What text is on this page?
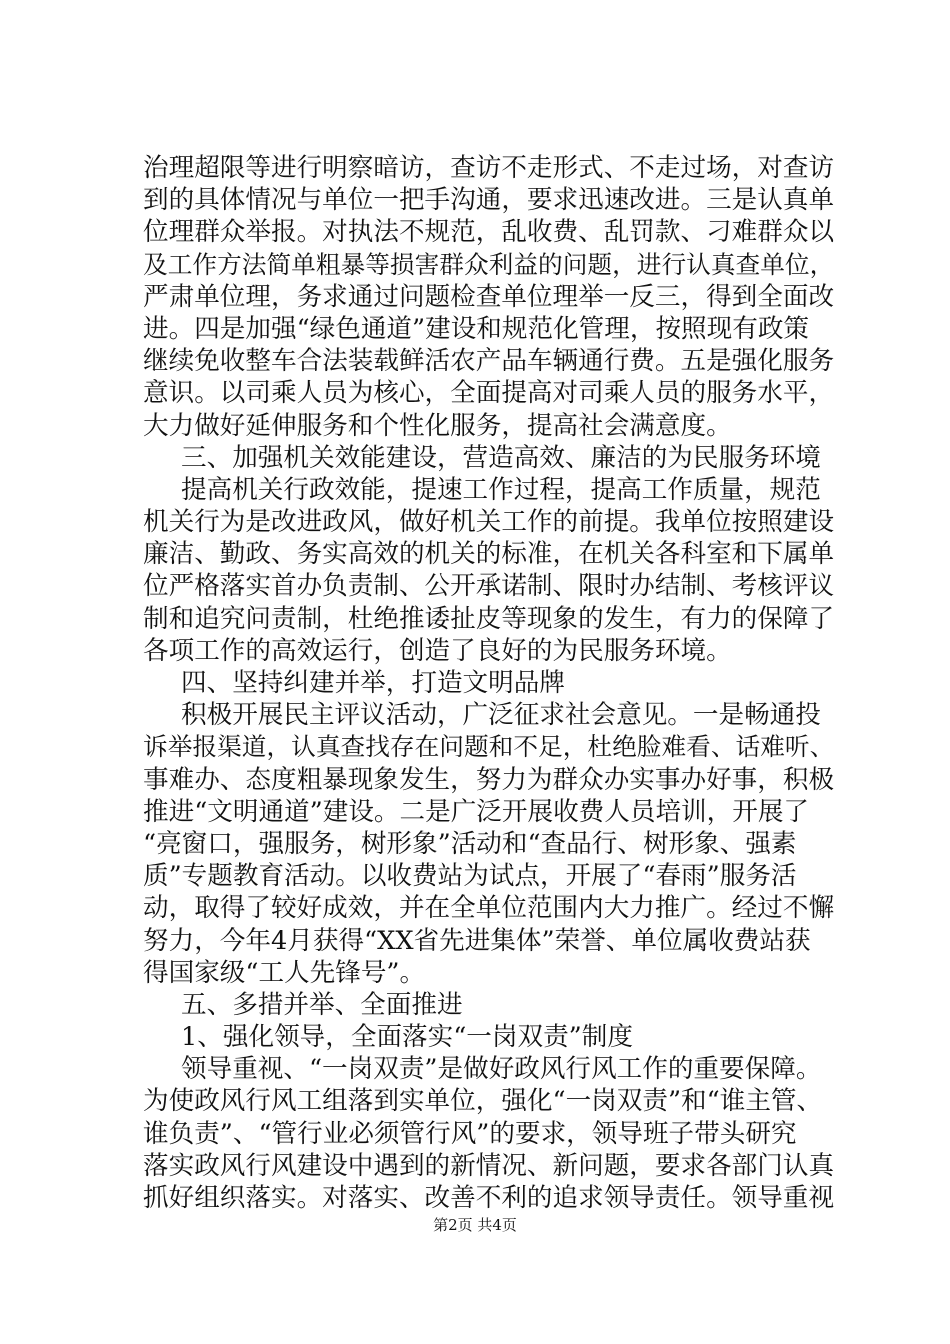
治理超限等进行明察暗访，查访不走形式、不走过场，对查访
到的具体情况与单位一把手沟通，要求迅速改进。三是认真单
位理群众举报。对执法不规范，乱收费、乱罚款、刁难群众以
及工作方法简单粗暴等损害群众利益的问题，进行认真查单位，
严肃单位理，务求通过问题检查单位理举一反三，得到全面改
进。四是加强“绿色通道”建设和规范化管理，按照现有政策
继续免收整车合法装载鲜活农产品车辆通行费。五是强化服务
意识。以司乘人员为核心，全面提高对司乘人员的服务水平，
大力做好延伸服务和个性化服务，提高社会满意度。
三、加强机关效能建设，营造高效、廉洁的为民服务环境
提高机关行政效能，提速工作过程，提高工作质量，规范
机关行为是改进政风，做好机关工作的前提。我单位按照建设
廉洁、勤政、务实高效的机关的标准，在机关各科室和下属单
位严格落实首办负责制、公开承诺制、限时办结制、考核评议
制和追究问责制，杜绝推诿扯皮等现象的发生，有力的保障了
各项工作的高效运行，创造了良好的为民服务环境。
四、坚持纠建并举，打造文明品牌
积极开展民主评议活动，广泛征求社会意见。一是畅通投
诉举报渠道，认真查找存在问题和不足，杜绝脸难看、话难听、
事难办、态度粗暴现象发生，努力为群众办实事办好事，积极
推进“文明通道”建设。二是广泛开展收费人员培训，开展了
“亮窗口，强服务，树形象”活动和“查品行、树形象、强素
质”专题教育活动。以收费站为试点，开展了“春雨”服务活
动，取得了较好成效，并在全单位范围内大力推广。经过不懈
努力，今年4月获得“XX省先进集体”荣誉、单位属收费站获
得国家级“工人先锋号”。
五、多措并举、全面推进
1、强化领导，全面落实“一岗双责”制度
领导重视、“一岗双责”是做好政风行风工作的重要保障。
为使政风行风工组落到实单位，强化“一岗双责”和“谁主管、
谁负责”、“管行业必须管行风”的要求，领导班子带头研究
落实政风行风建设中遇到的新情况、新问题，要求各部门认真
抓好组织落实。对落实、改善不利的追求领导责任。领导重视
第2页 共4页
